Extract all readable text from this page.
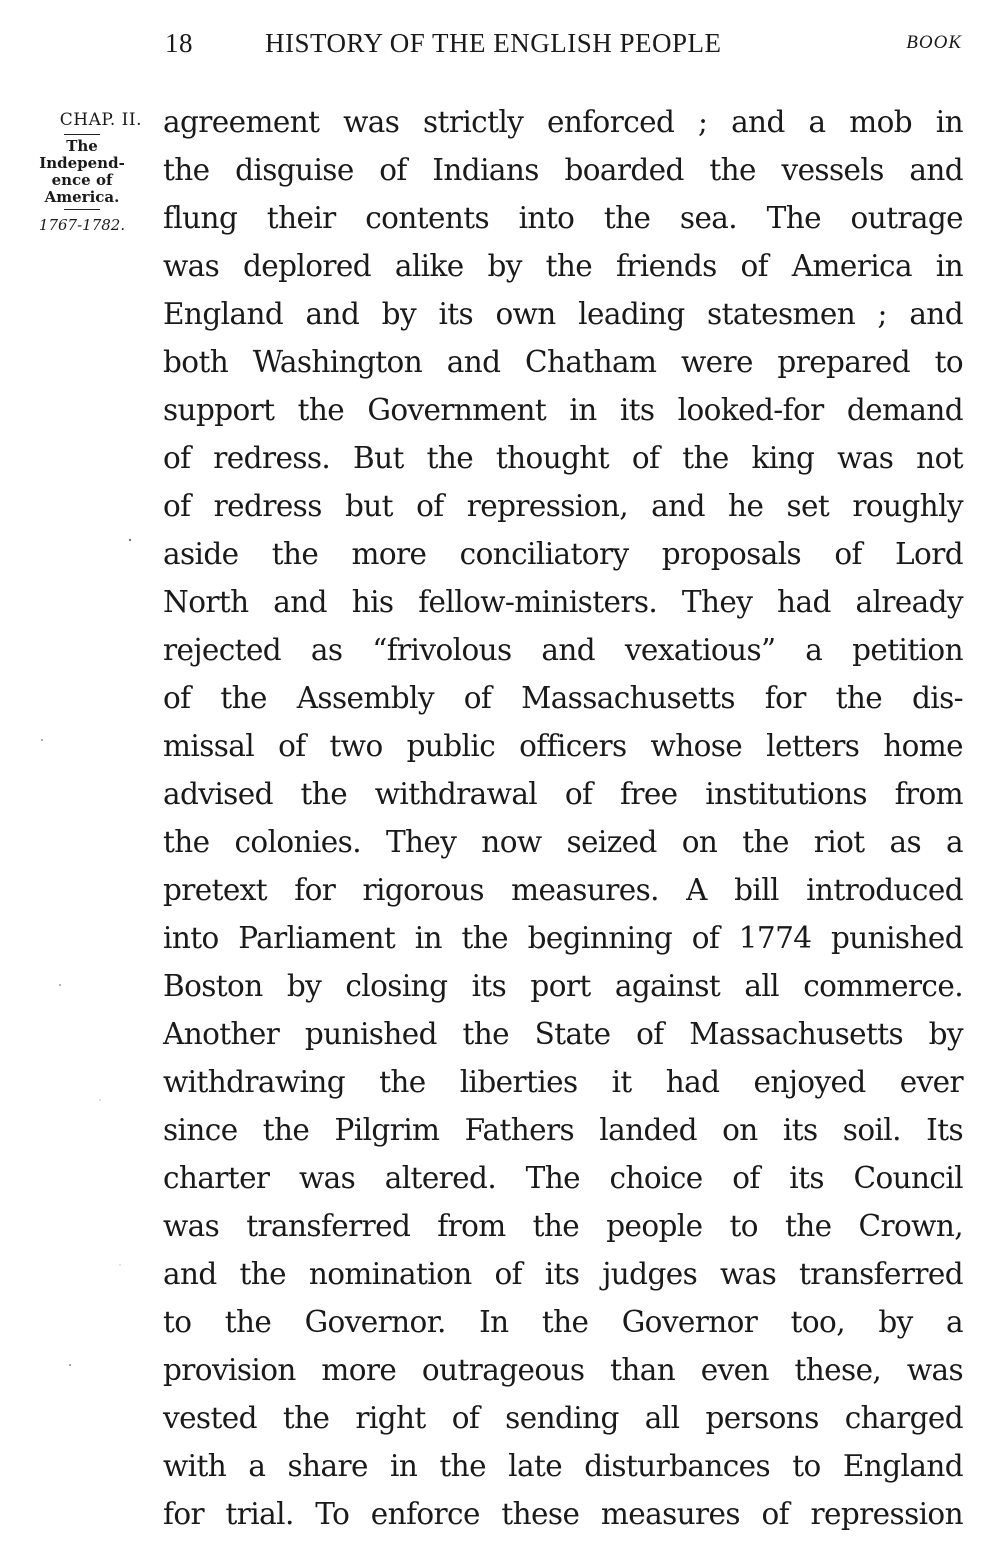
18	HISTORY OF THE ENGLISH PEOPLE	BOOK
CHAP. II.
The
Independ-
ence of
America.
1767-1782.
agreement was strictly enforced ; and a mob in
the disguise of Indians boarded the vessels and
flung their contents into the sea. The outrage
was deplored alike by the friends of America in
England and by its own leading statesmen ; and
both Washington and Chatham were prepared to
support the Government in its looked-for demand
of redress. But the thought of the king was not
of redress but of repression, and he set roughly
aside the more conciliatory proposals of Lord
North and his fellow-ministers. They had already
rejected as “frivolous and vexatious” a petition
of the Assembly of Massachusetts for the dis-
missal of two public officers whose letters home
advised the withdrawal of free institutions from
the colonies. They now seized on the riot as a
pretext for rigorous measures. A bill introduced
into Parliament in the beginning of 1774 punished
Boston by closing its port against all commerce.
Another punished the State of Massachusetts by
withdrawing the liberties it had enjoyed ever
since the Pilgrim Fathers landed on its soil. Its
charter was altered. The choice of its Council
was transferred from the people to the Crown,
and the nomination of its judges was transferred
to the Governor. In the Governor too, by a
provision more outrageous than even these, was
vested the right of sending all persons charged
with a share in the late disturbances to England
for trial. To enforce these measures of repression
